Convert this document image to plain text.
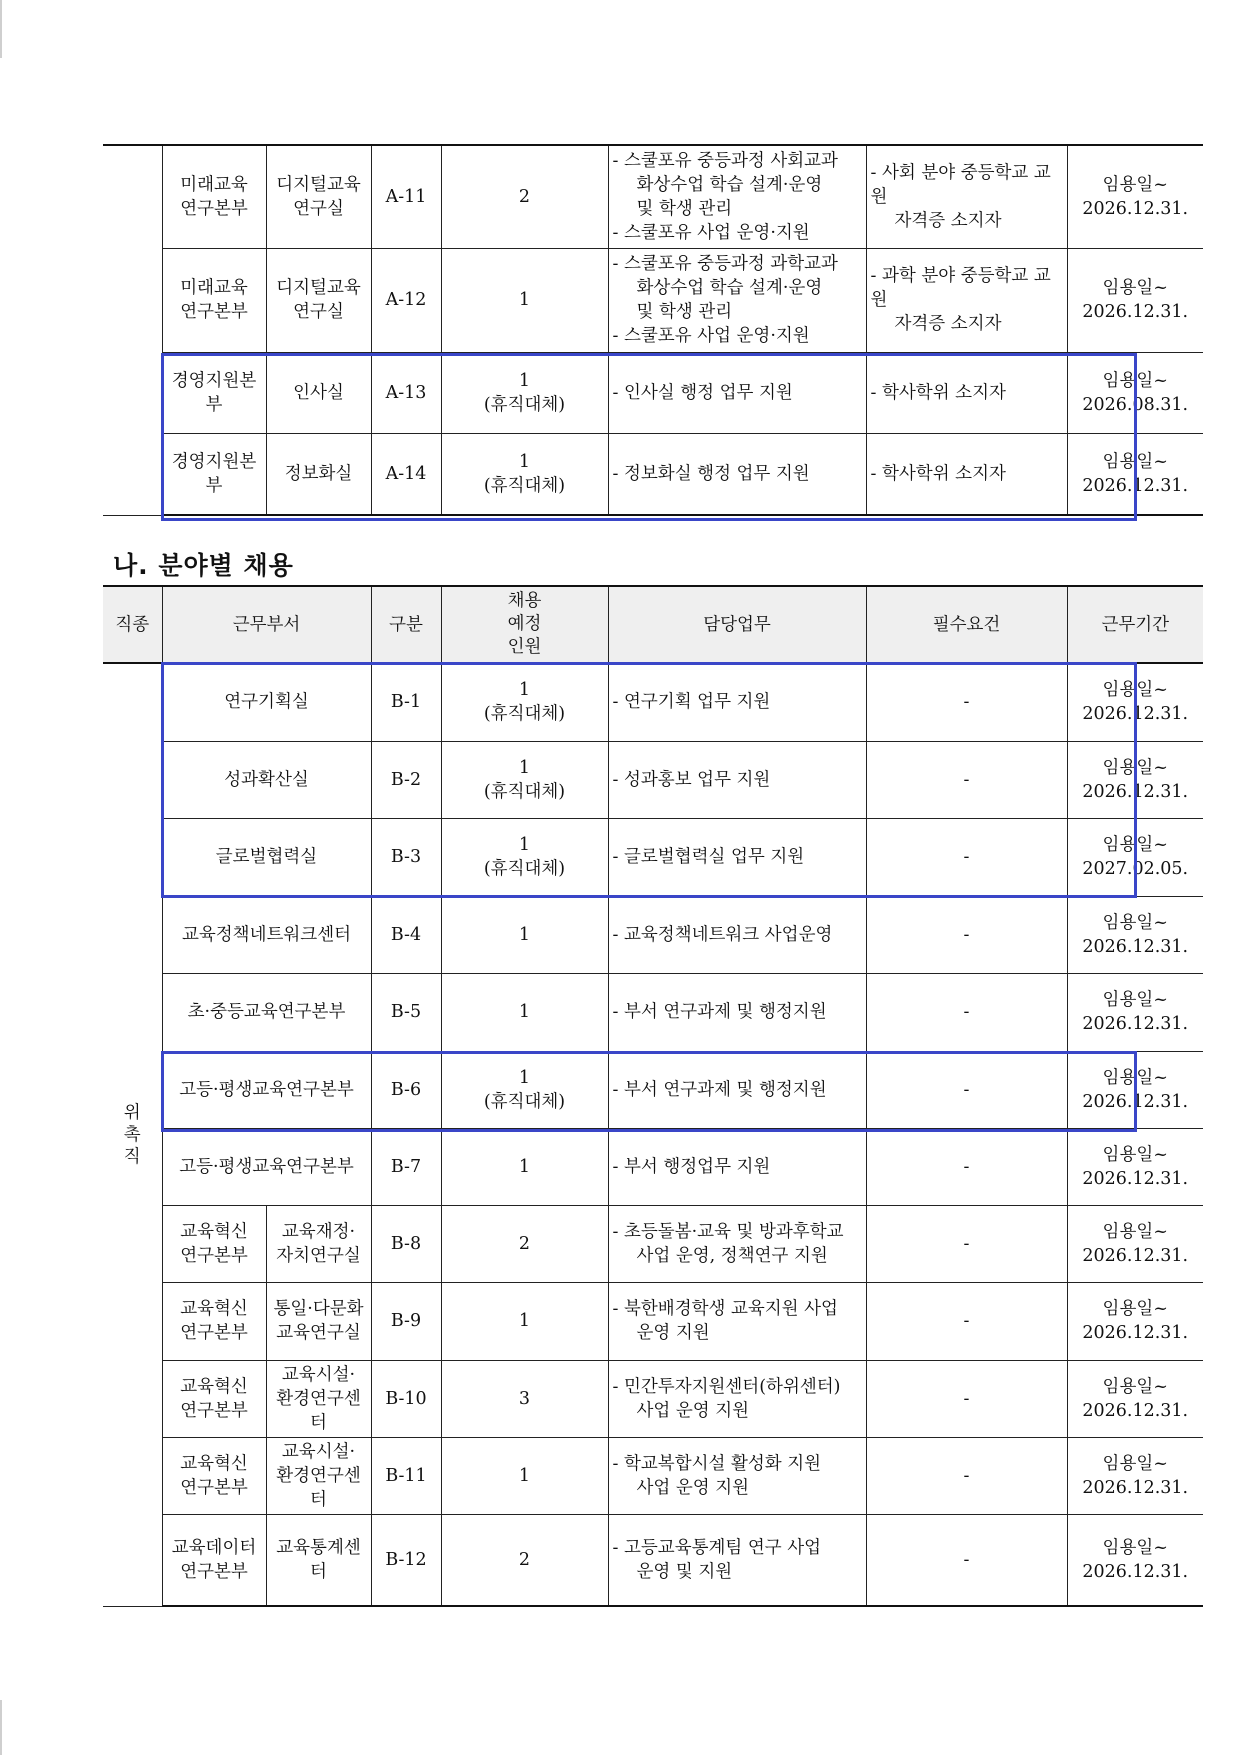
	미래교육
연구본부	디지털교육
연구실	A-11	2	- 스쿨포유 중등과정 사회교과
화상수업 학습 설계·운영
및 학생 관리
- 스쿨포유 사업 운영·지원	- 사회 분야 중등학교 교원
자격증 소지자	임용일~
2026.12.31.
	미래교육
연구본부	디지털교육
연구실	A-12	1	- 스쿨포유 중등과정 과학교과
화상수업 학습 설계·운영
및 학생 관리
- 스쿨포유 사업 운영·지원	- 과학 분야 중등학교 교원
자격증 소지자	임용일~
2026.12.31.
	경영지원본부	인사실	A-13	1
(휴직대체)	- 인사실 행정 업무 지원	- 학사학위 소지자	임용일~
2026.08.31.
	경영지원본부	정보화실	A-14	1
(휴직대체)	- 정보화실 행정 업무 지원	- 학사학위 소지자	임용일~
2026.12.31.
나. 분야별 채용
직종	근무부서		구분	채용
예정
인원	담당업무	필수요건	근무기간
위
촉
직	연구기획실		B-1	1
(휴직대체)	- 연구기획 업무 지원	-	임용일~
2026.12.31.
	성과확산실		B-2	1
(휴직대체)	- 성과홍보 업무 지원	-	임용일~
2026.12.31.
	글로벌협력실		B-3	1
(휴직대체)	- 글로벌협력실 업무 지원	-	임용일~
2027.02.05.
	교육정책네트워크센터		B-4	1	- 교육정책네트워크 사업운영	-	임용일~
2026.12.31.
	초·중등교육연구본부		B-5	1	- 부서 연구과제 및 행정지원	-	임용일~
2026.12.31.
	고등·평생교육연구본부		B-6	1
(휴직대체)	- 부서 연구과제 및 행정지원	-	임용일~
2026.12.31.
	고등·평생교육연구본부		B-7	1	- 부서 행정업무 지원	-	임용일~
2026.12.31.
	교육혁신
연구본부	교육재정·
자치연구실	B-8	2	- 초등돌봄·교육 및 방과후학교
사업 운영, 정책연구 지원	-	임용일~
2026.12.31.
	교육혁신
연구본부	통일·다문화
교육연구실	B-9	1	- 북한배경학생 교육지원 사업
운영 지원	-	임용일~
2026.12.31.
	교육혁신
연구본부	교육시설·
환경연구센터	B-10	3	- 민간투자지원센터(하위센터)
사업 운영 지원	-	임용일~
2026.12.31.
	교육혁신
연구본부	교육시설·
환경연구센터	B-11	1	- 학교복합시설 활성화 지원
사업 운영 지원	-	임용일~
2026.12.31.
	교육데이터
연구본부	교육통계센터	B-12	2	- 고등교육통계팀 연구 사업
운영 및 지원	-	임용일~
2026.12.31.
